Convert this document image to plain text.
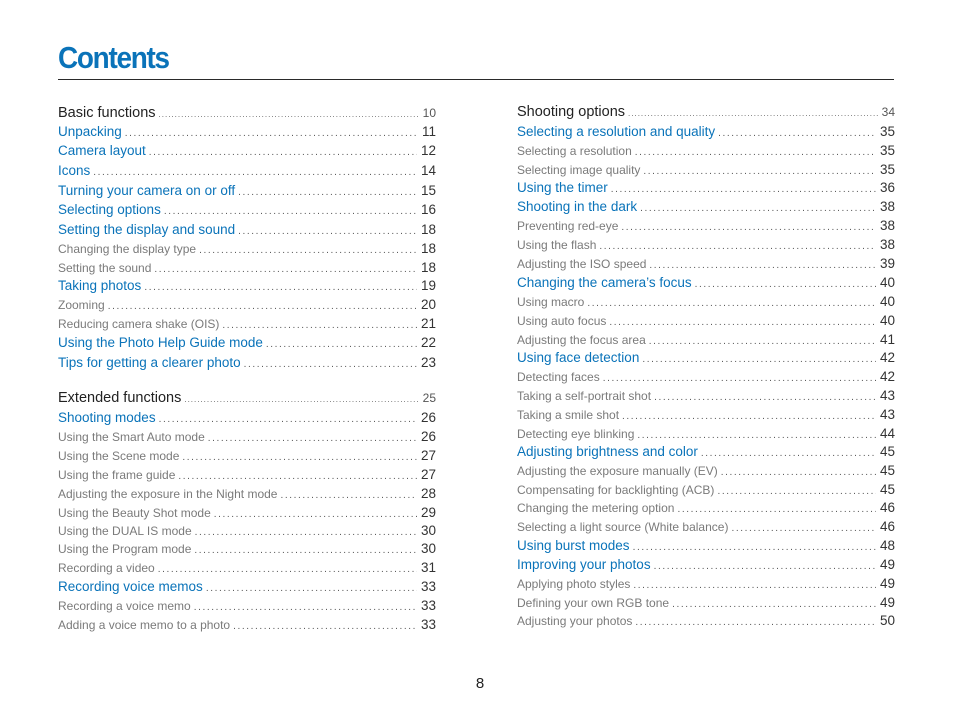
Contents
Basic functions .....	10
Unpacking .....	11
Camera layout .....	12
Icons .....	14
Turning your camera on or off .....	15
Selecting options .....	16
Setting the display and sound .....	18
Changing the display type .....	18
Setting the sound .....	18
Taking photos .....	19
Zooming .....	20
Reducing camera shake (OIS) .....	21
Using the Photo Help Guide mode .....	22
Tips for getting a clearer photo .....	23
Extended functions .....	25
Shooting modes .....	26
Using the Smart Auto mode .....	26
Using the Scene mode .....	27
Using the frame guide .....	27
Adjusting the exposure in the Night mode .....	28
Using the Beauty Shot mode .....	29
Using the DUAL IS mode .....	30
Using the Program mode .....	30
Recording a video .....	31
Recording voice memos .....	33
Recording a voice memo .....	33
Adding a voice memo to a photo .....	33
Shooting options .....	34
Selecting a resolution and quality .....	35
Selecting a resolution .....	35
Selecting image quality .....	35
Using the timer .....	36
Shooting in the dark .....	38
Preventing red-eye .....	38
Using the flash .....	38
Adjusting the ISO speed .....	39
Changing the camera’s focus .....	40
Using macro .....	40
Using auto focus .....	40
Adjusting the focus area .....	41
Using face detection .....	42
Detecting faces .....	42
Taking a self-portrait shot .....	43
Taking a smile shot .....	43
Detecting eye blinking .....	44
Adjusting brightness and color .....	45
Adjusting the exposure manually (EV) .....	45
Compensating for backlighting (ACB) .....	45
Changing the metering option .....	46
Selecting a light source (White balance) .....	46
Using burst modes .....	48
Improving your photos .....	49
Applying photo styles .....	49
Defining your own RGB tone .....	49
Adjusting your photos .....	50
8
